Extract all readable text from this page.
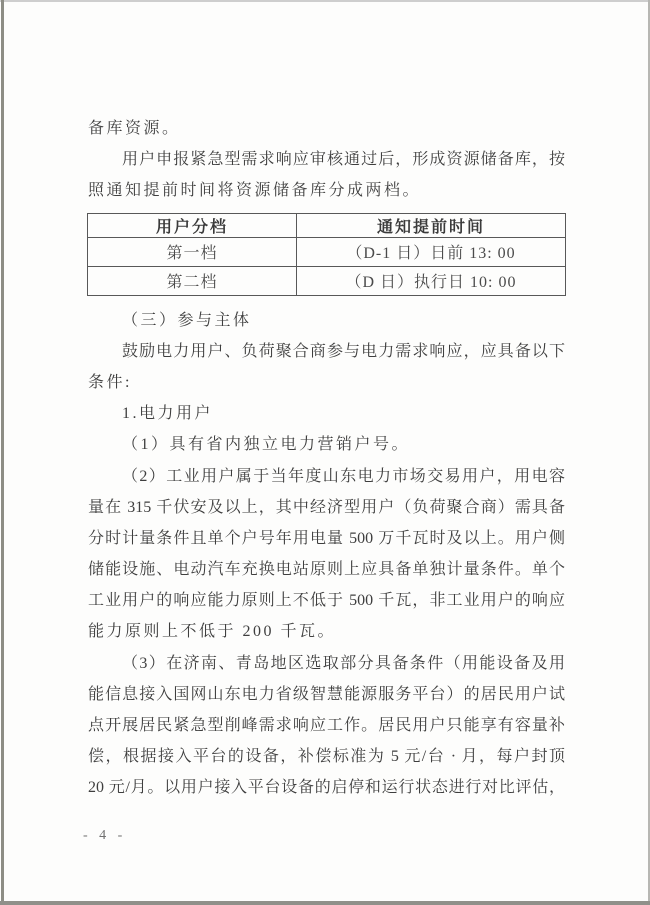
备库资源。

用户申报紧急型需求响应审核通过后，形成资源储备库，按

照通知提前时间将资源储备库分成两档。

用户分档	通知提前时间
第一档	（D-1 日）日前 13: 00
第二档	（D 日）执行日 10: 00

（三）参与主体

鼓励电力用户、负荷聚合商参与电力需求响应，应具备以下

条件:

1.电力用户

（1）具有省内独立电力营销户号。

（2）工业用户属于当年度山东电力市场交易用户，用电容

量在 315 千伏安及以上，其中经济型用户（负荷聚合商）需具备

分时计量条件且单个户号年用电量 500 万千瓦时及以上。用户侧

储能设施、电动汽车充换电站原则上应具备单独计量条件。单个

工业用户的响应能力原则上不低于 500 千瓦，非工业用户的响应

能力原则上不低于 200 千瓦。

（3）在济南、青岛地区选取部分具备条件（用能设备及用

能信息接入国网山东电力省级智慧能源服务平台）的居民用户试

点开展居民紧急型削峰需求响应工作。居民用户只能享有容量补

偿，根据接入平台的设备，补偿标准为 5 元/台 · 月，每户封顶

20 元/月。以用户接入平台设备的启停和运行状态进行对比评估，

- 4 -
